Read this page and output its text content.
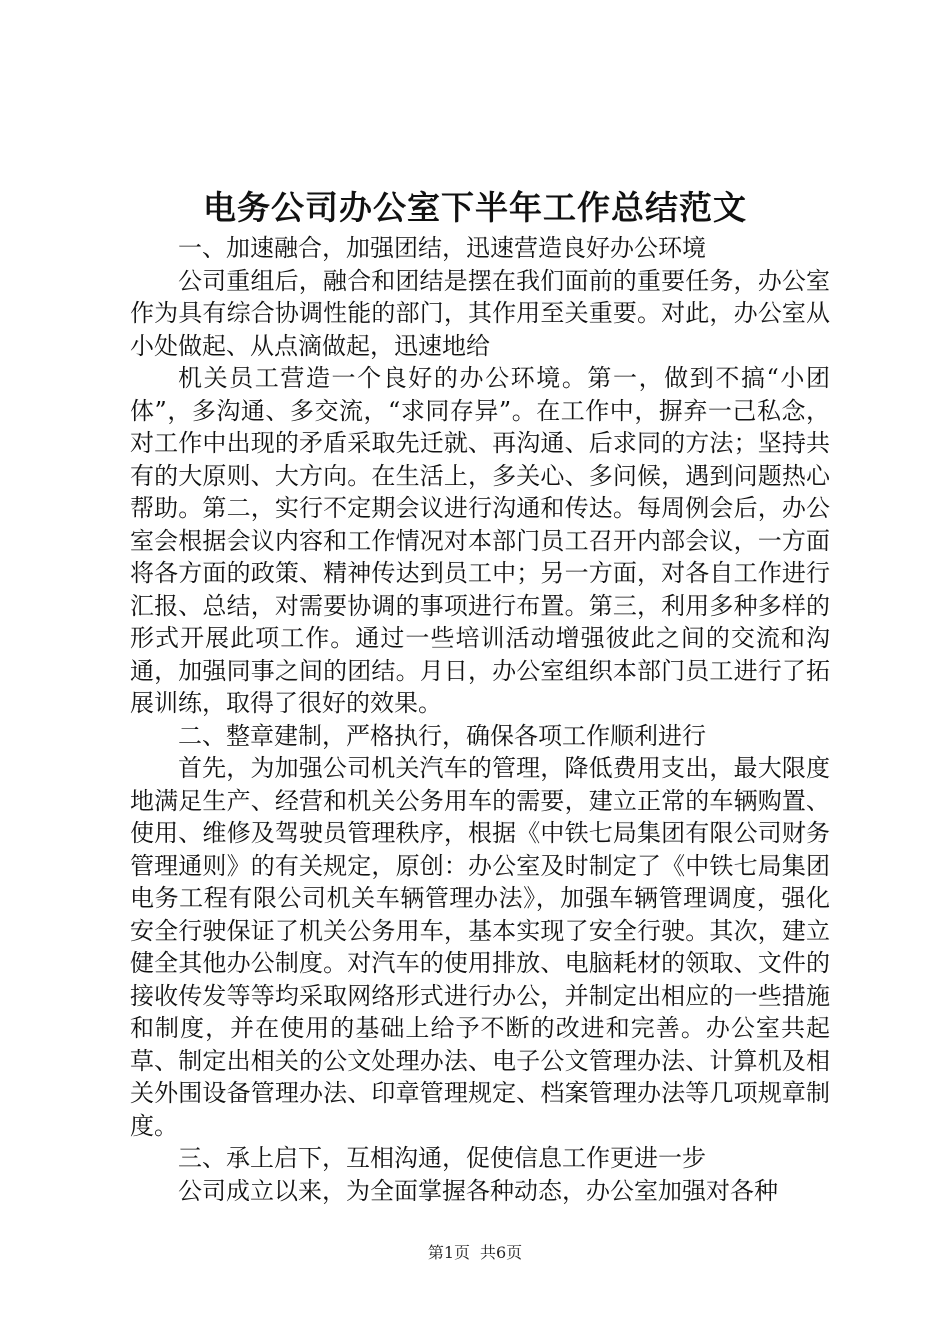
电务公司办公室下半年工作总结范文

一、加速融合，加强团结，迅速营造良好办公环境

公司重组后，融合和团结是摆在我们面前的重要任务，办公室作为具有综合协调性能的部门，其作用至关重要。对此，办公室从小处做起、从点滴做起，迅速地给

机关员工营造一个良好的办公环境。第一，做到不搞“小团体”，多沟通、多交流，“求同存异”。在工作中，摒弃一己私念，对工作中出现的矛盾采取先迁就、再沟通、后求同的方法；坚持共有的大原则、大方向。在生活上，多关心、多问候，遇到问题热心帮助。第二，实行不定期会议进行沟通和传达。每周例会后，办公室会根据会议内容和工作情况对本部门员工召开内部会议，一方面将各方面的政策、精神传达到员工中；另一方面，对各自工作进行汇报、总结，对需要协调的事项进行布置。第三，利用多种多样的形式开展此项工作。通过一些培训活动增强彼此之间的交流和沟通，加强同事之间的团结。月日，办公室组织本部门员工进行了拓展训练，取得了很好的效果。

二、整章建制，严格执行，确保各项工作顺利进行

首先，为加强公司机关汽车的管理，降低费用支出，最大限度地满足生产、经营和机关公务用车的需要，建立正常的车辆购置、使用、维修及驾驶员管理秩序，根据《中铁七局集团有限公司财务管理通则》的有关规定，原创：办公室及时制定了《中铁七局集团电务工程有限公司机关车辆管理办法》，加强车辆管理调度，强化安全行驶保证了机关公务用车，基本实现了安全行驶。其次，建立健全其他办公制度。对汽车的使用排放、电脑耗材的领取、文件的接收传发等等均采取网络形式进行办公，并制定出相应的一些措施和制度，并在使用的基础上给予不断的改进和完善。办公室共起草、制定出相关的公文处理办法、电子公文管理办法、计算机及相关外围设备管理办法、印章管理规定、档案管理办法等几项规章制度。

三、承上启下，互相沟通，促使信息工作更进一步

公司成立以来，为全面掌握各种动态，办公室加强对各种

第1页 共6页
